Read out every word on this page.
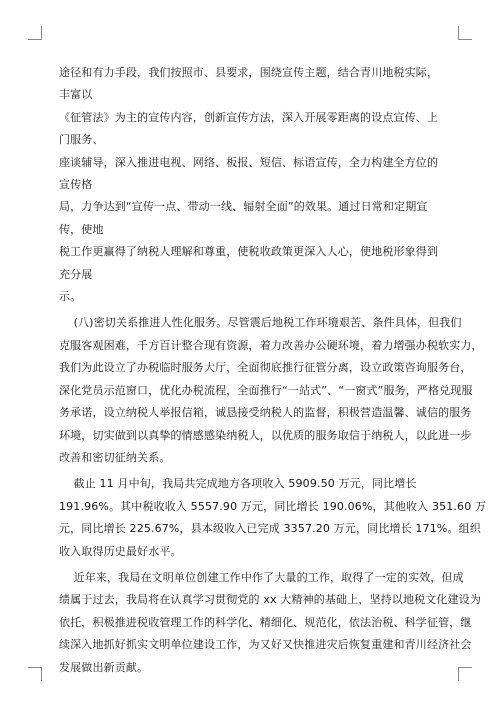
途径和有力手段，我们按照市、县要求，围绕宣传主题，结合青川地税实际，丰富以
《征管法》为主的宣传内容，创新宣传方法，深入开展零距离的设点宣传、上门服务、
座谈辅导，深入推进电视、网络、板报、短信、标语宣传，全力构建全方位的宣传格
局，力争达到“宣传一点、带动一线、辐射全面”的效果。通过日常和定期宣传，使地
税工作更赢得了纳税人理解和尊重，使税收政策更深入人心，使地税形象得到充分展
示。

(八)密切关系推进人性化服务。尽管震后地税工作环境艰苦、条件具体，但我们
克服客观困难，千方百计整合现有资源，着力改善办公硬环境，着力增强办税软实力，
我们为此设立了办税临时服务大厅，全面彻底推行征管分离，设立政策咨询服务台，
深化党员示范窗口，优化办税流程，全面推行“一站式”、“一窗式”服务，严格兑现服
务承诺，设立纳税人举报信箱，诚恳接受纳税人的监督，积极营造温馨、诚信的服务
环境，切实做到以真挚的情感感染纳税人，以优质的服务取信于纳税人，以此进一步
改善和密切征纳关系。

截止 11 月中旬，我局共完成地方各项收入 5909.50 万元，同比增长
191.96%。其中税收收入 5557.90 万元，同比增长 190.06%，其他收入 351.60 万
元，同比增长 225.67%，县本级收入已完成 3357.20 万元，同比增长 171%。组织
收入取得历史最好水平。

近年来，我局在文明单位创建工作中作了大量的工作，取得了一定的实效，但成
绩属于过去，我局将在认真学习贯彻党的 xx 大精神的基础上，坚持以地税文化建设为
依托，积极推进税收管理工作的科学化、精细化、规范化，依法治税、科学征管，继
续深入地抓好抓实文明单位建设工作，为又好又快推进灾后恢复重建和青川经济社会
发展做出新贡献。
